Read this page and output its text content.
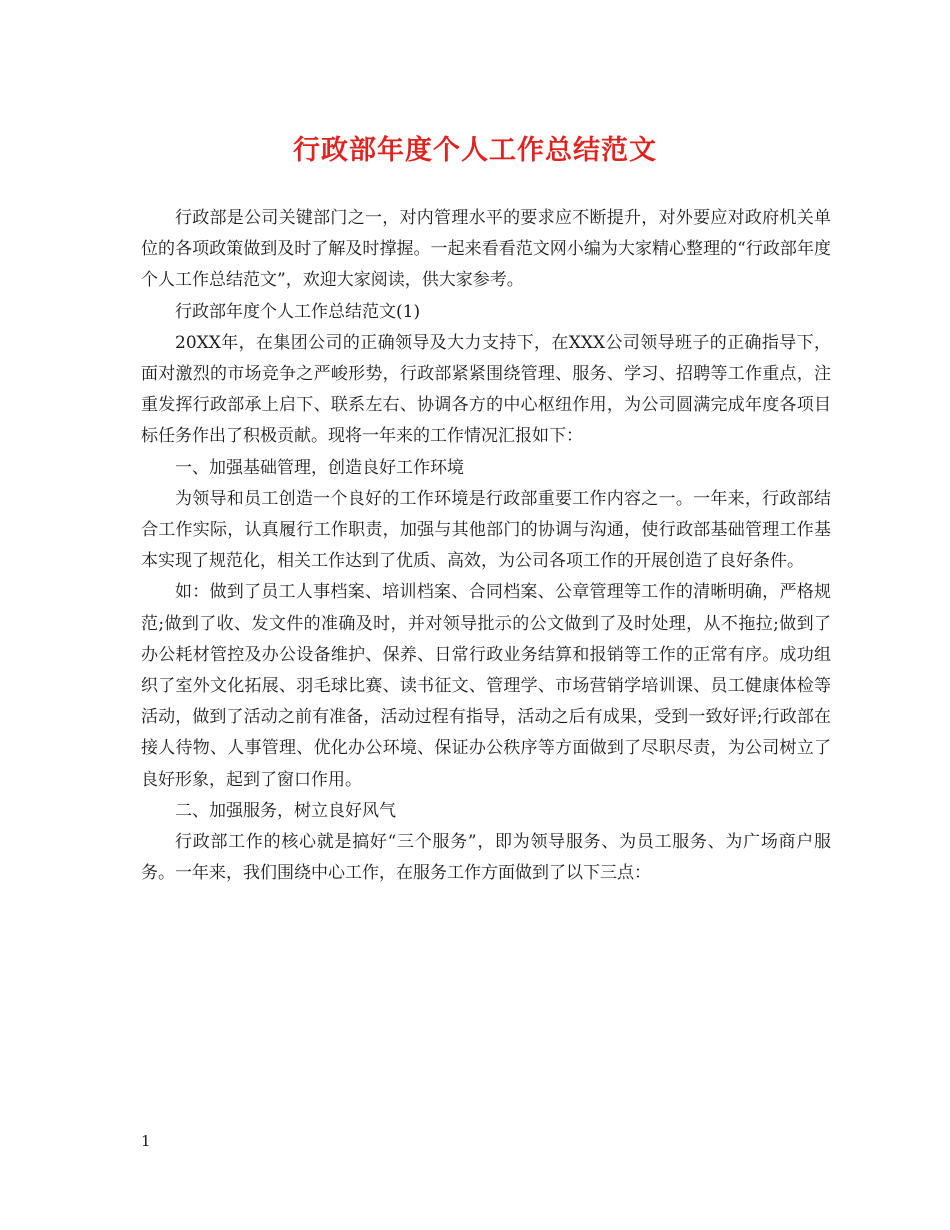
行政部年度个人工作总结范文

行政部是公司关键部门之一，对内管理水平的要求应不断提升，对外要应对政府机关单位的各项政策做到及时了解及时撑握。一起来看看范文网小编为大家精心整理的“行政部年度个人工作总结范文”，欢迎大家阅读，供大家参考。

行政部年度个人工作总结范文(1)

20XX年，在集团公司的正确领导及大力支持下，在XXX公司领导班子的正确指导下，面对激烈的市场竞争之严峻形势，行政部紧紧围绕管理、服务、学习、招聘等工作重点，注重发挥行政部承上启下、联系左右、协调各方的中心枢纽作用，为公司圆满完成年度各项目标任务作出了积极贡献。现将一年来的工作情况汇报如下：

一、加强基础管理，创造良好工作环境

为领导和员工创造一个良好的工作环境是行政部重要工作内容之一。一年来，行政部结合工作实际，认真履行工作职责，加强与其他部门的协调与沟通，使行政部基础管理工作基本实现了规范化，相关工作达到了优质、高效，为公司各项工作的开展创造了良好条件。

如：做到了员工人事档案、培训档案、合同档案、公章管理等工作的清晰明确，严格规范;做到了收、发文件的准确及时，并对领导批示的公文做到了及时处理，从不拖拉;做到了办公耗材管控及办公设备维护、保养、日常行政业务结算和报销等工作的正常有序。成功组织了室外文化拓展、羽毛球比赛、读书征文、管理学、市场营销学培训课、员工健康体检等活动，做到了活动之前有准备，活动过程有指导，活动之后有成果，受到一致好评;行政部在接人待物、人事管理、优化办公环境、保证办公秩序等方面做到了尽职尽责，为公司树立了良好形象，起到了窗口作用。

二、加强服务，树立良好风气

行政部工作的核心就是搞好“三个服务”，即为领导服务、为员工服务、为广场商户服务。一年来，我们围绕中心工作，在服务工作方面做到了以下三点：

1
